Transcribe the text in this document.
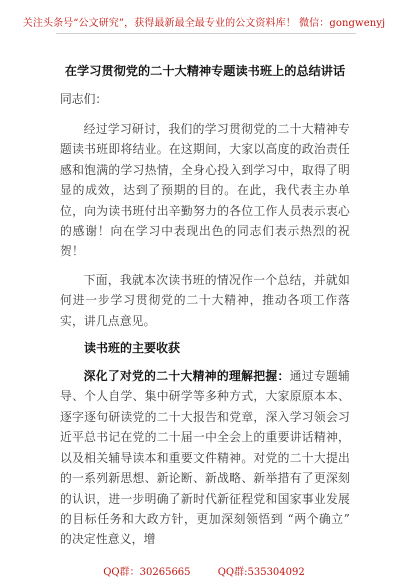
关注头条号“公文研究”，获得最新最全最专业的公文资料库！ 微信：gongwenyj
在学习贯彻党的二十大精神专题读书班上的总结讲话
同志们：

经过学习研讨，我们的学习贯彻党的二十大精神专题读书班即将结业。在这期间，大家以高度的政治责任感和饱满的学习热情，全身心投入到学习中，取得了明显的成效，达到了预期的目的。在此，我代表主办单位，向为读书班付出辛勤努力的各位工作人员表示衷心的感谢！向在学习中表现出色的同志们表示热烈的祝贺！

下面，我就本次读书班的情况作一个总结，并就如何进一步学习贯彻党的二十大精神，推动各项工作落实，讲几点意见。

读书班的主要收获

深化了对党的二十大精神的理解把握：通过专题辅导、个人自学、集中研学等多种方式，大家原原本本、逐字逐句研读党的二十大报告和党章，深入学习领会习近平总书记在党的二十届一中全会上的重要讲话精神，以及相关辅导读本和重要文件精神。对党的二十大提出的一系列新思想、新论断、新战略、新举措有了更深刻的认识，进一步明确了新时代新征程党和国家事业发展的目标任务和大政方针，更加深刻领悟到 “两个确立” 的决定性意义，增

QQ群：30265665	QQ群:535304092
